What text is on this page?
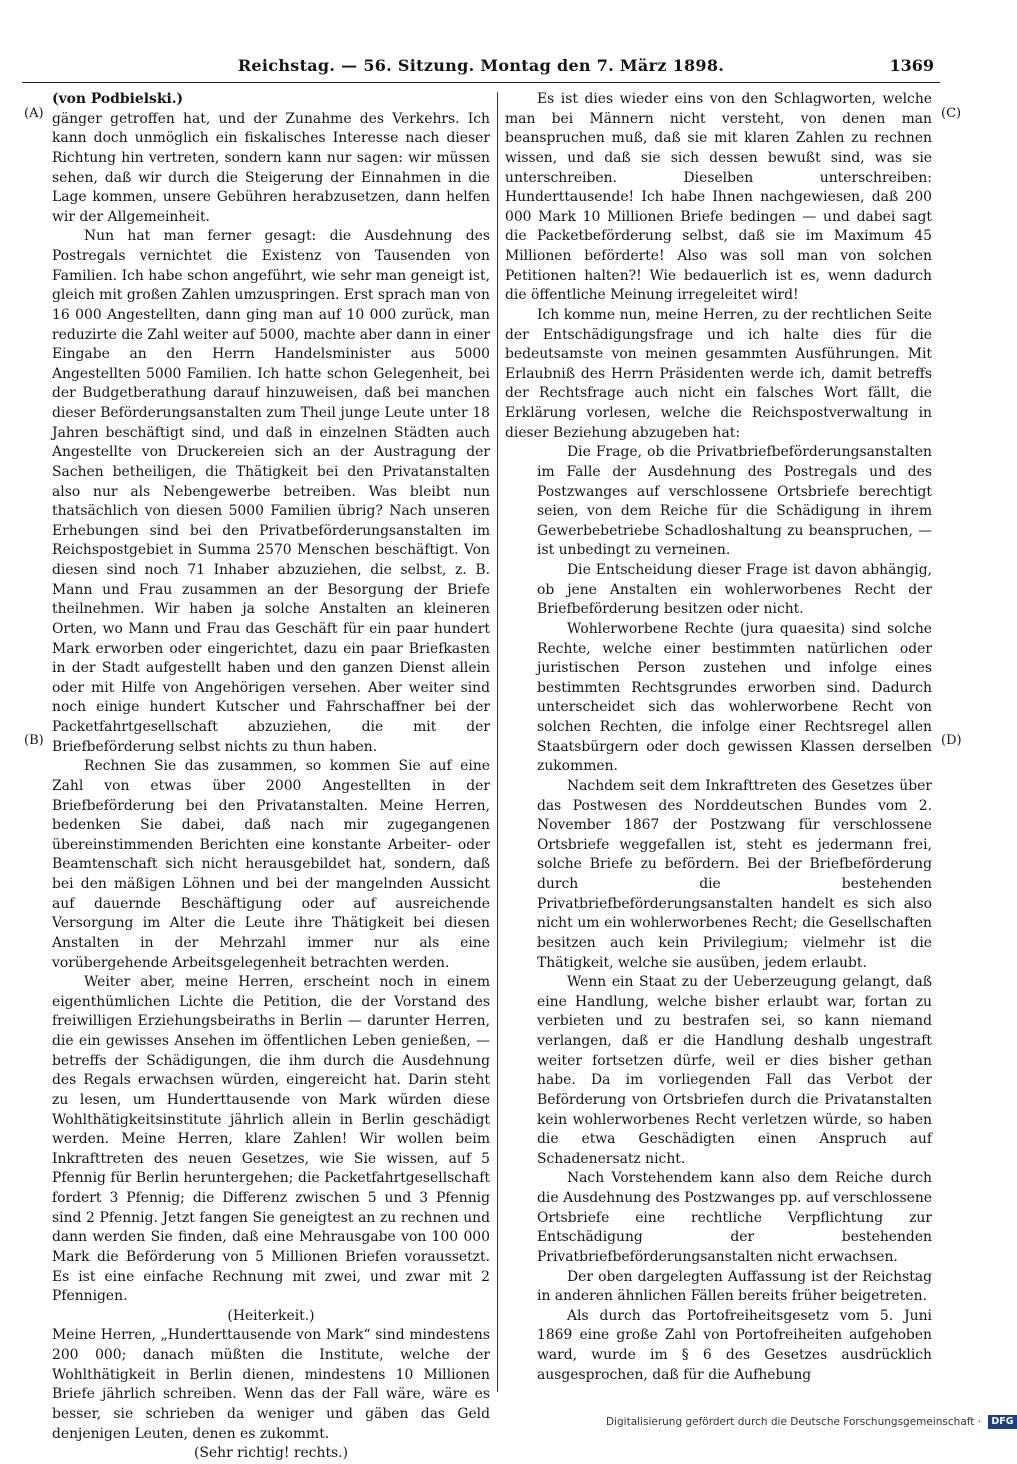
Reichstag. — 56. Sitzung. Montag den 7. März 1898.	1369
(A)
(B)
(C)
(D)

(von Podbielski.)

gänger getroffen hat, und der Zunahme des Verkehrs. Ich kann doch unmöglich ein fiskalisches Interesse nach dieser Richtung hin vertreten, sondern kann nur sagen: wir müssen sehen, daß wir durch die Steigerung der Einnahmen in die Lage kommen, unsere Gebühren herabzusetzen, dann helfen wir der Allgemeinheit.

Nun hat man ferner gesagt: die Ausdehnung des Postregals vernichtet die Existenz von Tausenden von Familien. Ich habe schon angeführt, wie sehr man geneigt ist, gleich mit großen Zahlen umzuspringen. Erst sprach man von 16 000 Angestellten, dann ging man auf 10 000 zurück, man reduzirte die Zahl weiter auf 5000, machte aber dann in einer Eingabe an den Herrn Handelsminister aus 5000 Angestellten 5000 Familien. Ich hatte schon Gelegenheit, bei der Budgetberathung darauf hinzuweisen, daß bei manchen dieser Beförderungsanstalten zum Theil junge Leute unter 18 Jahren beschäftigt sind, und daß in einzelnen Städten auch Angestellte von Druckereien sich an der Austragung der Sachen betheiligen, die Thätigkeit bei den Privatanstalten also nur als Nebengewerbe betreiben. Was bleibt nun thatsächlich von diesen 5000 Familien übrig? Nach unseren Erhebungen sind bei den Privatbeförderungsanstalten im Reichspostgebiet in Summa 2570 Menschen beschäftigt. Von diesen sind noch 71 Inhaber abzuziehen, die selbst, z. B. Mann und Frau zusammen an der Besorgung der Briefe theilnehmen. Wir haben ja solche Anstalten an kleineren Orten, wo Mann und Frau das Geschäft für ein paar hundert Mark erworben oder eingerichtet, dazu ein paar Briefkasten in der Stadt aufgestellt haben und den ganzen Dienst allein oder mit Hilfe von Angehörigen versehen. Aber weiter sind noch einige hundert Kutscher und Fahrschaffner bei der Packetfahrtgesellschaft abzuziehen, die mit der Briefbeförderung selbst nichts zu thun haben.

Rechnen Sie das zusammen, so kommen Sie auf eine Zahl von etwas über 2000 Angestellten in der Briefbeförderung bei den Privatanstalten. Meine Herren, bedenken Sie dabei, daß nach mir zugegangenen übereinstimmenden Berichten eine konstante Arbeiter- oder Beamtenschaft sich nicht herausgebildet hat, sondern, daß bei den mäßigen Löhnen und bei der mangelnden Aussicht auf dauernde Beschäftigung oder auf ausreichende Versorgung im Alter die Leute ihre Thätigkeit bei diesen Anstalten in der Mehrzahl immer nur als eine vorübergehende Arbeitsgelegenheit betrachten werden.

Weiter aber, meine Herren, erscheint noch in einem eigenthümlichen Lichte die Petition, die der Vorstand des freiwilligen Erziehungsbeiraths in Berlin — darunter Herren, die ein gewisses Ansehen im öffentlichen Leben genießen, — betreffs der Schädigungen, die ihm durch die Ausdehnung des Regals erwachsen würden, eingereicht hat. Darin steht zu lesen, um Hunderttausende von Mark würden diese Wohlthätigkeitsinstitute jährlich allein in Berlin geschädigt werden. Meine Herren, klare Zahlen! Wir wollen beim Inkrafttreten des neuen Gesetzes, wie Sie wissen, auf 5 Pfennig für Berlin heruntergehen; die Packetfahrtgesellschaft fordert 3 Pfennig; die Differenz zwischen 5 und 3 Pfennig sind 2 Pfennig. Jetzt fangen Sie geneigtest an zu rechnen und dann werden Sie finden, daß eine Mehrausgabe von 100 000 Mark die Beförderung von 5 Millionen Briefen voraussetzt. Es ist eine einfache Rechnung mit zwei, und zwar mit 2 Pfennigen.

(Heiterkeit.)

Meine Herren, „Hunderttausende von Mark“ sind mindestens 200 000; danach müßten die Institute, welche der Wohlthätigkeit in Berlin dienen, mindestens 10 Millionen Briefe jährlich schreiben. Wenn das der Fall wäre, wäre es besser, sie schrieben da weniger und gäben das Geld denjenigen Leuten, denen es zukommt.

(Sehr richtig! rechts.)

Es ist dies wieder eins von den Schlagworten, welche man bei Männern nicht versteht, von denen man beanspruchen muß, daß sie mit klaren Zahlen zu rechnen wissen, und daß sie sich dessen bewußt sind, was sie unterschreiben. Dieselben unterschreiben: Hunderttausende! Ich habe Ihnen nachgewiesen, daß 200 000 Mark 10 Millionen Briefe bedingen — und dabei sagt die Packetbeförderung selbst, daß sie im Maximum 45 Millionen beförderte! Also was soll man von solchen Petitionen halten?! Wie bedauerlich ist es, wenn dadurch die öffentliche Meinung irregeleitet wird!

Ich komme nun, meine Herren, zu der rechtlichen Seite der Entschädigungsfrage und ich halte dies für die bedeutsamste von meinen gesammten Ausführungen. Mit Erlaubniß des Herrn Präsidenten werde ich, damit betreffs der Rechtsfrage auch nicht ein falsches Wort fällt, die Erklärung vorlesen, welche die Reichspostverwaltung in dieser Beziehung abzugeben hat:

Die Frage, ob die Privatbriefbeförderungsanstalten im Falle der Ausdehnung des Postregals und des Postzwanges auf verschlossene Ortsbriefe berechtigt seien, von dem Reiche für die Schädigung in ihrem Gewerbebetriebe Schadloshaltung zu beanspruchen, — ist unbedingt zu verneinen.

Die Entscheidung dieser Frage ist davon abhängig, ob jene Anstalten ein wohlerworbenes Recht der Briefbeförderung besitzen oder nicht.

Wohlerworbene Rechte (jura quaesita) sind solche Rechte, welche einer bestimmten natürlichen oder juristischen Person zustehen und infolge eines bestimmten Rechtsgrundes erworben sind. Dadurch unterscheidet sich das wohlerworbene Recht von solchen Rechten, die infolge einer Rechtsregel allen Staatsbürgern oder doch gewissen Klassen derselben zukommen.

Nachdem seit dem Inkrafttreten des Gesetzes über das Postwesen des Norddeutschen Bundes vom 2. November 1867 der Postzwang für verschlossene Ortsbriefe weggefallen ist, steht es jedermann frei, solche Briefe zu befördern. Bei der Briefbeförderung durch die bestehenden Privatbriefbeförderungsanstalten handelt es sich also nicht um ein wohlerworbenes Recht; die Gesellschaften besitzen auch kein Privilegium; vielmehr ist die Thätigkeit, welche sie ausüben, jedem erlaubt.

Wenn ein Staat zu der Ueberzeugung gelangt, daß eine Handlung, welche bisher erlaubt war, fortan zu verbieten und zu bestrafen sei, so kann niemand verlangen, daß er die Handlung deshalb ungestraft weiter fortsetzen dürfe, weil er dies bisher gethan habe. Da im vorliegenden Fall das Verbot der Beförderung von Ortsbriefen durch die Privatanstalten kein wohlerworbenes Recht verletzen würde, so haben die etwa Geschädigten einen Anspruch auf Schadenersatz nicht.

Nach Vorstehendem kann also dem Reiche durch die Ausdehnung des Postzwanges pp. auf verschlossene Ortsbriefe eine rechtliche Verpflichtung zur Entschädigung der bestehenden Privatbriefbeförderungsanstalten nicht erwachsen.

Der oben dargelegten Auffassung ist der Reichstag in anderen ähnlichen Fällen bereits früher beigetreten.

Als durch das Portofreiheitsgesetz vom 5. Juni 1869 eine große Zahl von Portofreiheiten aufgehoben ward, wurde im § 6 des Gesetzes ausdrücklich ausgesprochen, daß für die Aufhebung

Digitalisierung gefördert durch die Deutsche Forschungsgemeinschaft · DFG
